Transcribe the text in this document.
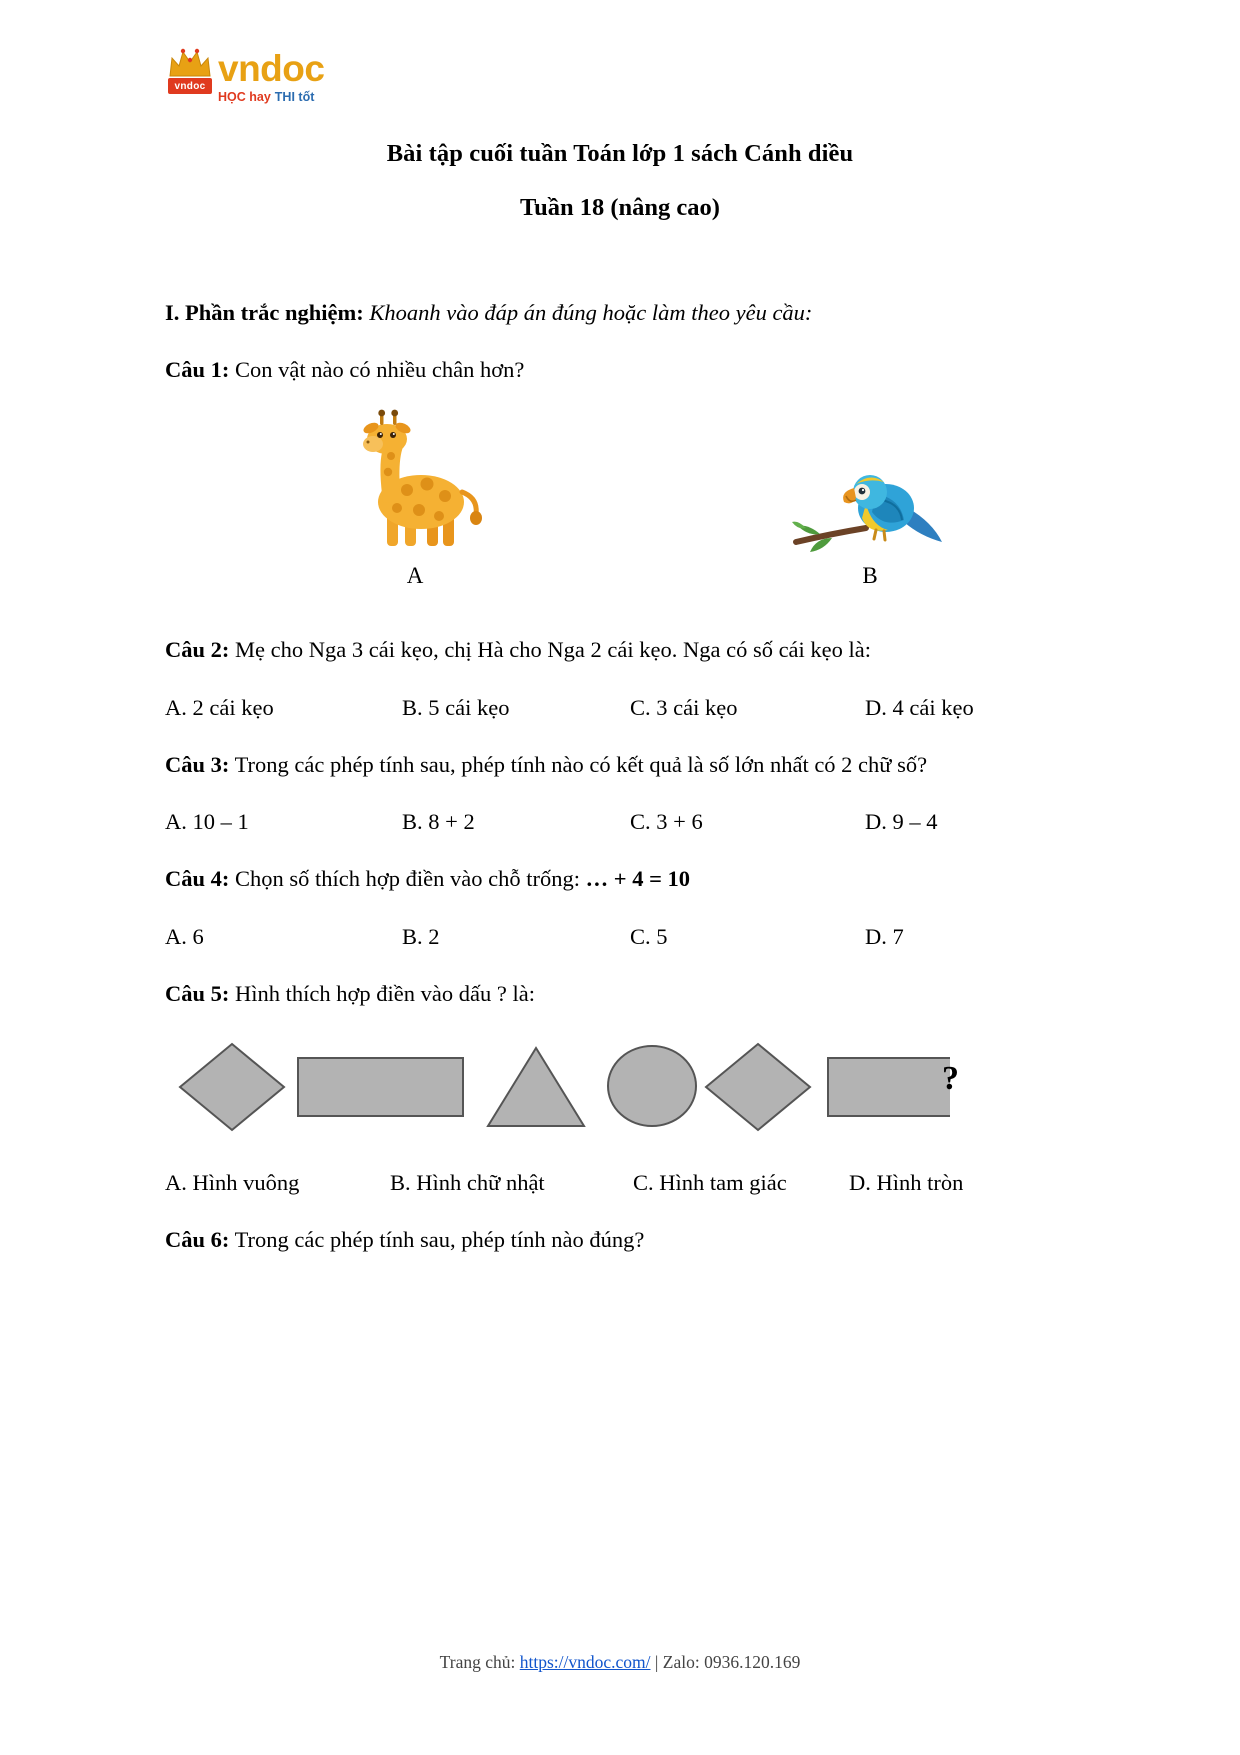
vndoc vndoc
HỌC hay THI tốt
Bài tập cuối tuần Toán lớp 1 sách Cánh diều
Tuần 18 (nâng cao)
I. Phần trắc nghiệm: Khoanh vào đáp án đúng hoặc làm theo yêu cầu:
Câu 1: Con vật nào có nhiều chân hơn?
A	B
Câu 2: Mẹ cho Nga 3 cái kẹo, chị Hà cho Nga 2 cái kẹo. Nga có số cái kẹo là:
A. 2 cái kẹo	B. 5 cái kẹo	C. 3 cái kẹo	D. 4 cái kẹo
Câu 3: Trong các phép tính sau, phép tính nào có kết quả là số lớn nhất có 2 chữ số?
A. 10 – 1	B. 8 + 2	C. 3 + 6	D. 9 – 4
Câu 4: Chọn số thích hợp điền vào chỗ trống: … + 4 = 10
A. 6	B. 2	C. 5	D. 7
Câu 5: Hình thích hợp điền vào dấu ? là:
?
A. Hình vuông	B. Hình chữ nhật	C. Hình tam giác	D. Hình tròn
Câu 6: Trong các phép tính sau, phép tính nào đúng?
Trang chủ: https://vndoc.com/ | Zalo: 0936.120.169
